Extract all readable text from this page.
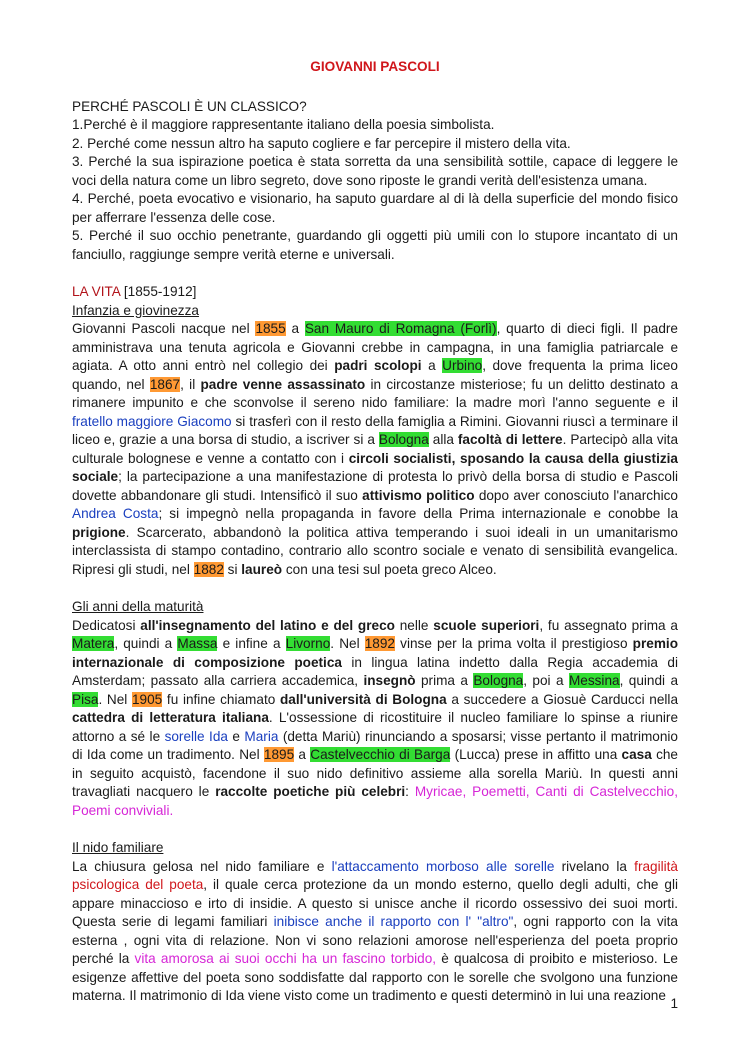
GIOVANNI PASCOLI

PERCHÉ PASCOLI È UN CLASSICO?

1.Perché è il maggiore rappresentante italiano della poesia simbolista.

2. Perché come nessun altro ha saputo cogliere e far percepire il mistero della vita.

3. Perché la sua ispirazione poetica è stata sorretta da una sensibilità sottile, capace di leggere le voci della natura come un libro segreto, dove sono riposte le grandi verità dell'esistenza umana.

4. Perché, poeta evocativo e visionario, ha saputo guardare al di là della superficie del mondo fisico per afferrare l'essenza delle cose.

5. Perché il suo occhio penetrante, guardando gli oggetti più umili con lo stupore incantato di un fanciullo, raggiunge sempre verità eterne e universali.

LA VITA [1855-1912]

Infanzia e giovinezza

Giovanni Pascoli nacque nel 1855 a San Mauro di Romagna (Forlì), quarto di dieci figli. Il padre amministrava una tenuta agricola e Giovanni crebbe in campagna, in una famiglia patriarcale e agiata. A otto anni entrò nel collegio dei padri scolopi a Urbino, dove frequenta la prima liceo quando, nel 1867, il padre venne assassinato in circostanze misteriose; fu un delitto destinato a rimanere impunito e che sconvolse il sereno nido familiare: la madre morì l'anno seguente e il fratello maggiore Giacomo si trasferì con il resto della famiglia a Rimini. Giovanni riuscì a terminare il liceo e, grazie a una borsa di studio, a iscriver si a Bologna alla facoltà di lettere. Partecipò alla vita culturale bolognese e venne a contatto con i circoli socialisti, sposando la causa della giustizia sociale; la partecipazione a una manifestazione di protesta lo privò della borsa di studio e Pascoli dovette abbandonare gli studi. Intensificò il suo attivismo politico dopo aver conosciuto l'anarchico Andrea Costa; si impegnò nella propaganda in favore della Prima internazionale e conobbe la prigione. Scarcerato, abbandonò la politica attiva temperando i suoi ideali in un umanitarismo interclassista di stampo contadino, contrario allo scontro sociale e venato di sensibilità evangelica. Ripresi gli studi, nel 1882 si laureò con una tesi sul poeta greco Alceo.

Gli anni della maturità

Dedicatosi all'insegnamento del latino e del greco nelle scuole superiori, fu assegnato prima a Matera, quindi a Massa e infine a Livorno. Nel 1892 vinse per la prima volta il prestigioso premio internazionale di composizione poetica in lingua latina indetto dalla Regia accademia di Amsterdam; passato alla carriera accademica, insegnò prima a Bologna, poi a Messina, quindi a Pisa. Nel 1905 fu infine chiamato dall'università di Bologna a succedere a Giosuè Carducci nella cattedra di letteratura italiana. L'ossessione di ricostituire il nucleo familiare lo spinse a riunire attorno a sé le sorelle Ida e Maria (detta Mariù) rinunciando a sposarsi; visse pertanto il matrimonio di Ida come un tradimento. Nel 1895 a Castelvecchio di Barga (Lucca) prese in affitto una casa che in seguito acquistò, facendone il suo nido definitivo assieme alla sorella Mariù. In questi anni travagliati nacquero le raccolte poetiche più celebri: Myricae, Poemetti, Canti di Castelvecchio, Poemi conviviali.

Il nido familiare

La chiusura gelosa nel nido familiare e l'attaccamento morboso alle sorelle rivelano la fragilità psicologica del poeta, il quale cerca protezione da un mondo esterno, quello degli adulti, che gli appare minaccioso e irto di insidie. A questo si unisce anche il ricordo ossessivo dei suoi morti. Questa serie di legami familiari inibisce anche il rapporto con l' "altro", ogni rapporto con la vita esterna , ogni vita di relazione. Non vi sono relazioni amorose nell'esperienza del poeta proprio perché la vita amorosa ai suoi occhi ha un fascino torbido, è qualcosa di proibito e misterioso. Le esigenze affettive del poeta sono soddisfatte dal rapporto con le sorelle che svolgono una funzione materna. Il matrimonio di Ida viene visto come un tradimento e questi determinò in lui una reazione

1
